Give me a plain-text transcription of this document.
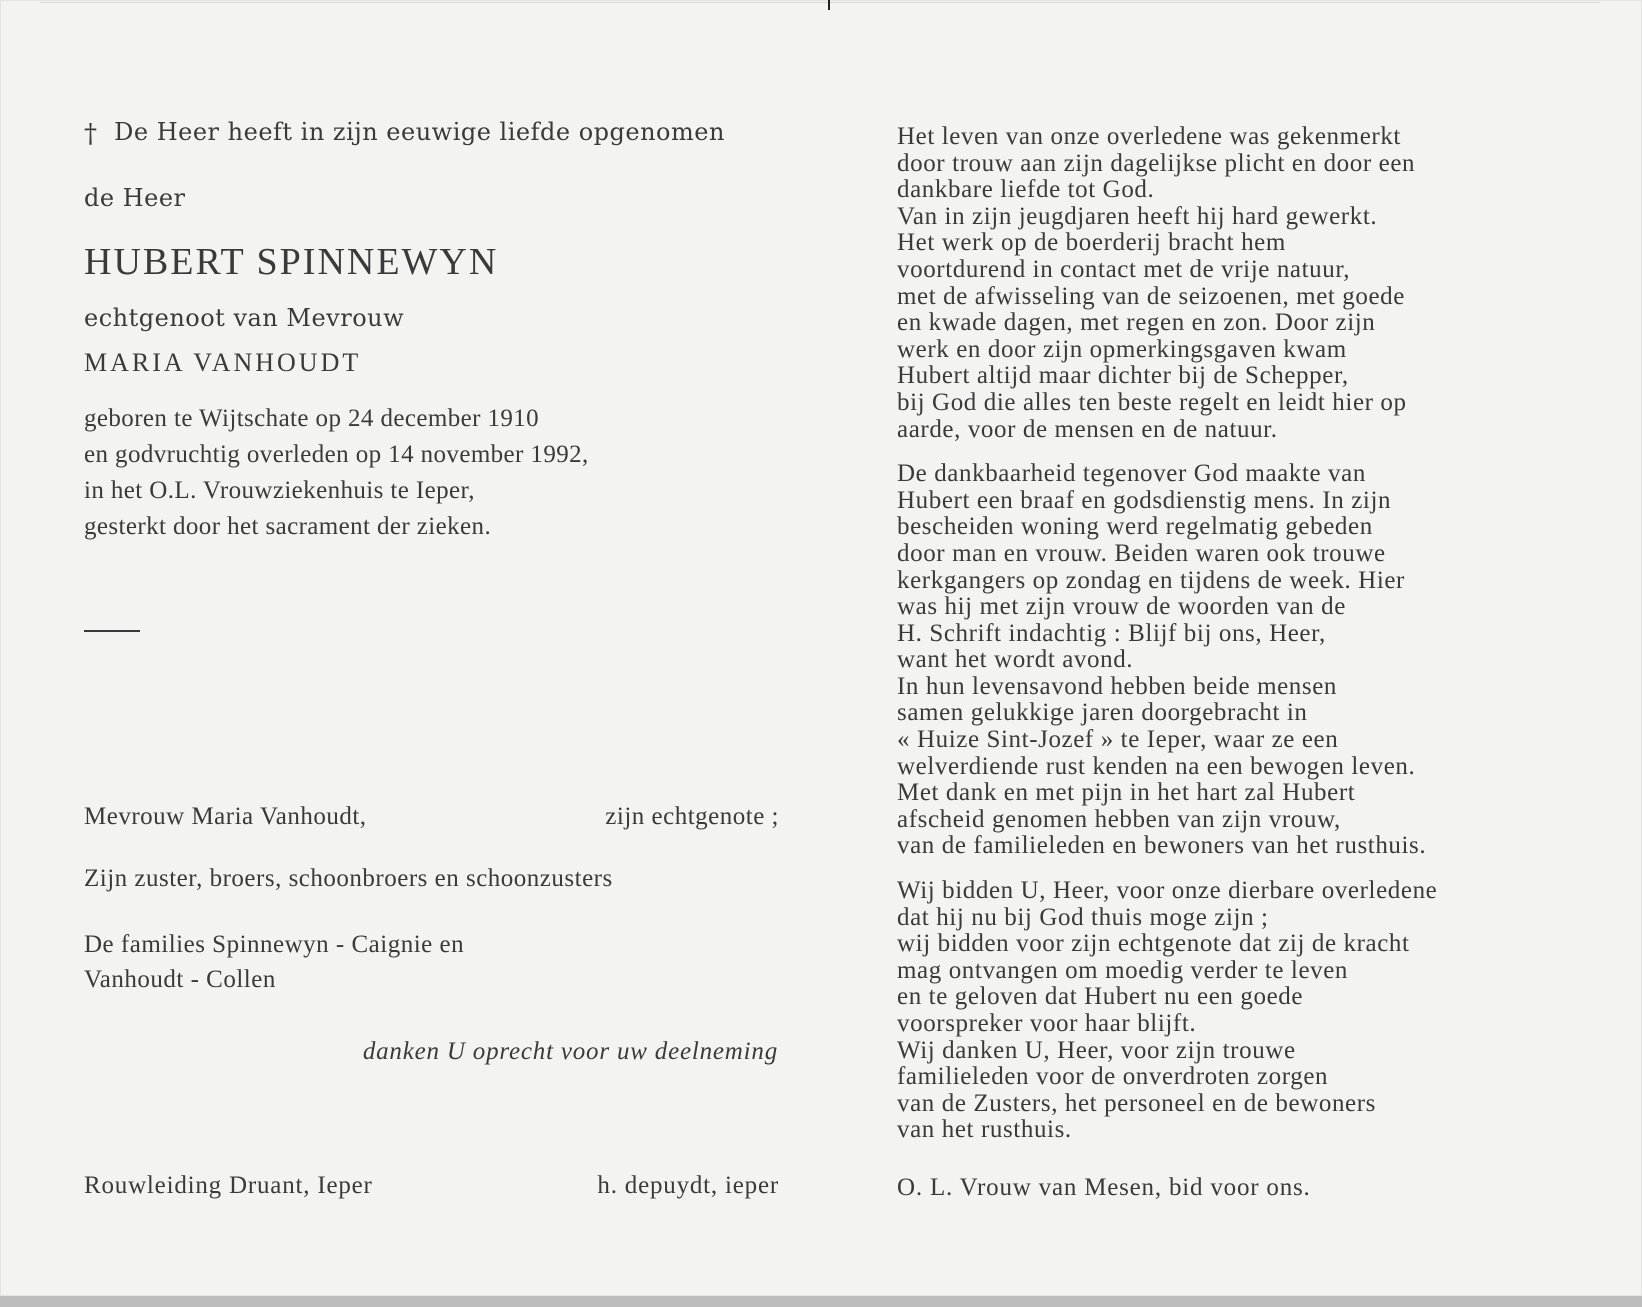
† De Heer heeft in zijn eeuwige liefde opgenomen
de Heer
HUBERT SPINNEWYN
echtgenoot van Mevrouw
MARIA VANHOUDT
geboren te Wijtschate op 24 december 1910
en godvruchtig overleden op 14 november 1992,
in het O.L. Vrouwziekenhuis te Ieper,
gesterkt door het sacrament der zieken.
Mevrouw Maria Vanhoudt,	zijn echtgenote ;
Zijn zuster, broers, schoonbroers en schoonzusters
De families Spinnewyn - Caignie en
Vanhoudt - Collen
danken U oprecht voor uw deelneming
Rouwleiding Druant, Ieper	h. depuydt, ieper

Het leven van onze overledene was gekenmerkt
door trouw aan zijn dagelijkse plicht en door een
dankbare liefde tot God.
Van in zijn jeugdjaren heeft hij hard gewerkt.
Het werk op de boerderij bracht hem
voortdurend in contact met de vrije natuur,
met de afwisseling van de seizoenen, met goede
en kwade dagen, met regen en zon. Door zijn
werk en door zijn opmerkingsgaven kwam
Hubert altijd maar dichter bij de Schepper,
bij God die alles ten beste regelt en leidt hier op
aarde, voor de mensen en de natuur.

De dankbaarheid tegenover God maakte van
Hubert een braaf en godsdienstig mens. In zijn
bescheiden woning werd regelmatig gebeden
door man en vrouw. Beiden waren ook trouwe
kerkgangers op zondag en tijdens de week. Hier
was hij met zijn vrouw de woorden van de
H. Schrift indachtig : Blijf bij ons, Heer,
want het wordt avond.
In hun levensavond hebben beide mensen
samen gelukkige jaren doorgebracht in
« Huize Sint-Jozef » te Ieper, waar ze een
welverdiende rust kenden na een bewogen leven.
Met dank en met pijn in het hart zal Hubert
afscheid genomen hebben van zijn vrouw,
van de familieleden en bewoners van het rusthuis.

Wij bidden U, Heer, voor onze dierbare overledene
dat hij nu bij God thuis moge zijn ;
wij bidden voor zijn echtgenote dat zij de kracht
mag ontvangen om moedig verder te leven
en te geloven dat Hubert nu een goede
voorspreker voor haar blijft.
Wij danken U, Heer, voor zijn trouwe
familieleden voor de onverdroten zorgen
van de Zusters, het personeel en de bewoners
van het rusthuis.

O. L. Vrouw van Mesen, bid voor ons.
